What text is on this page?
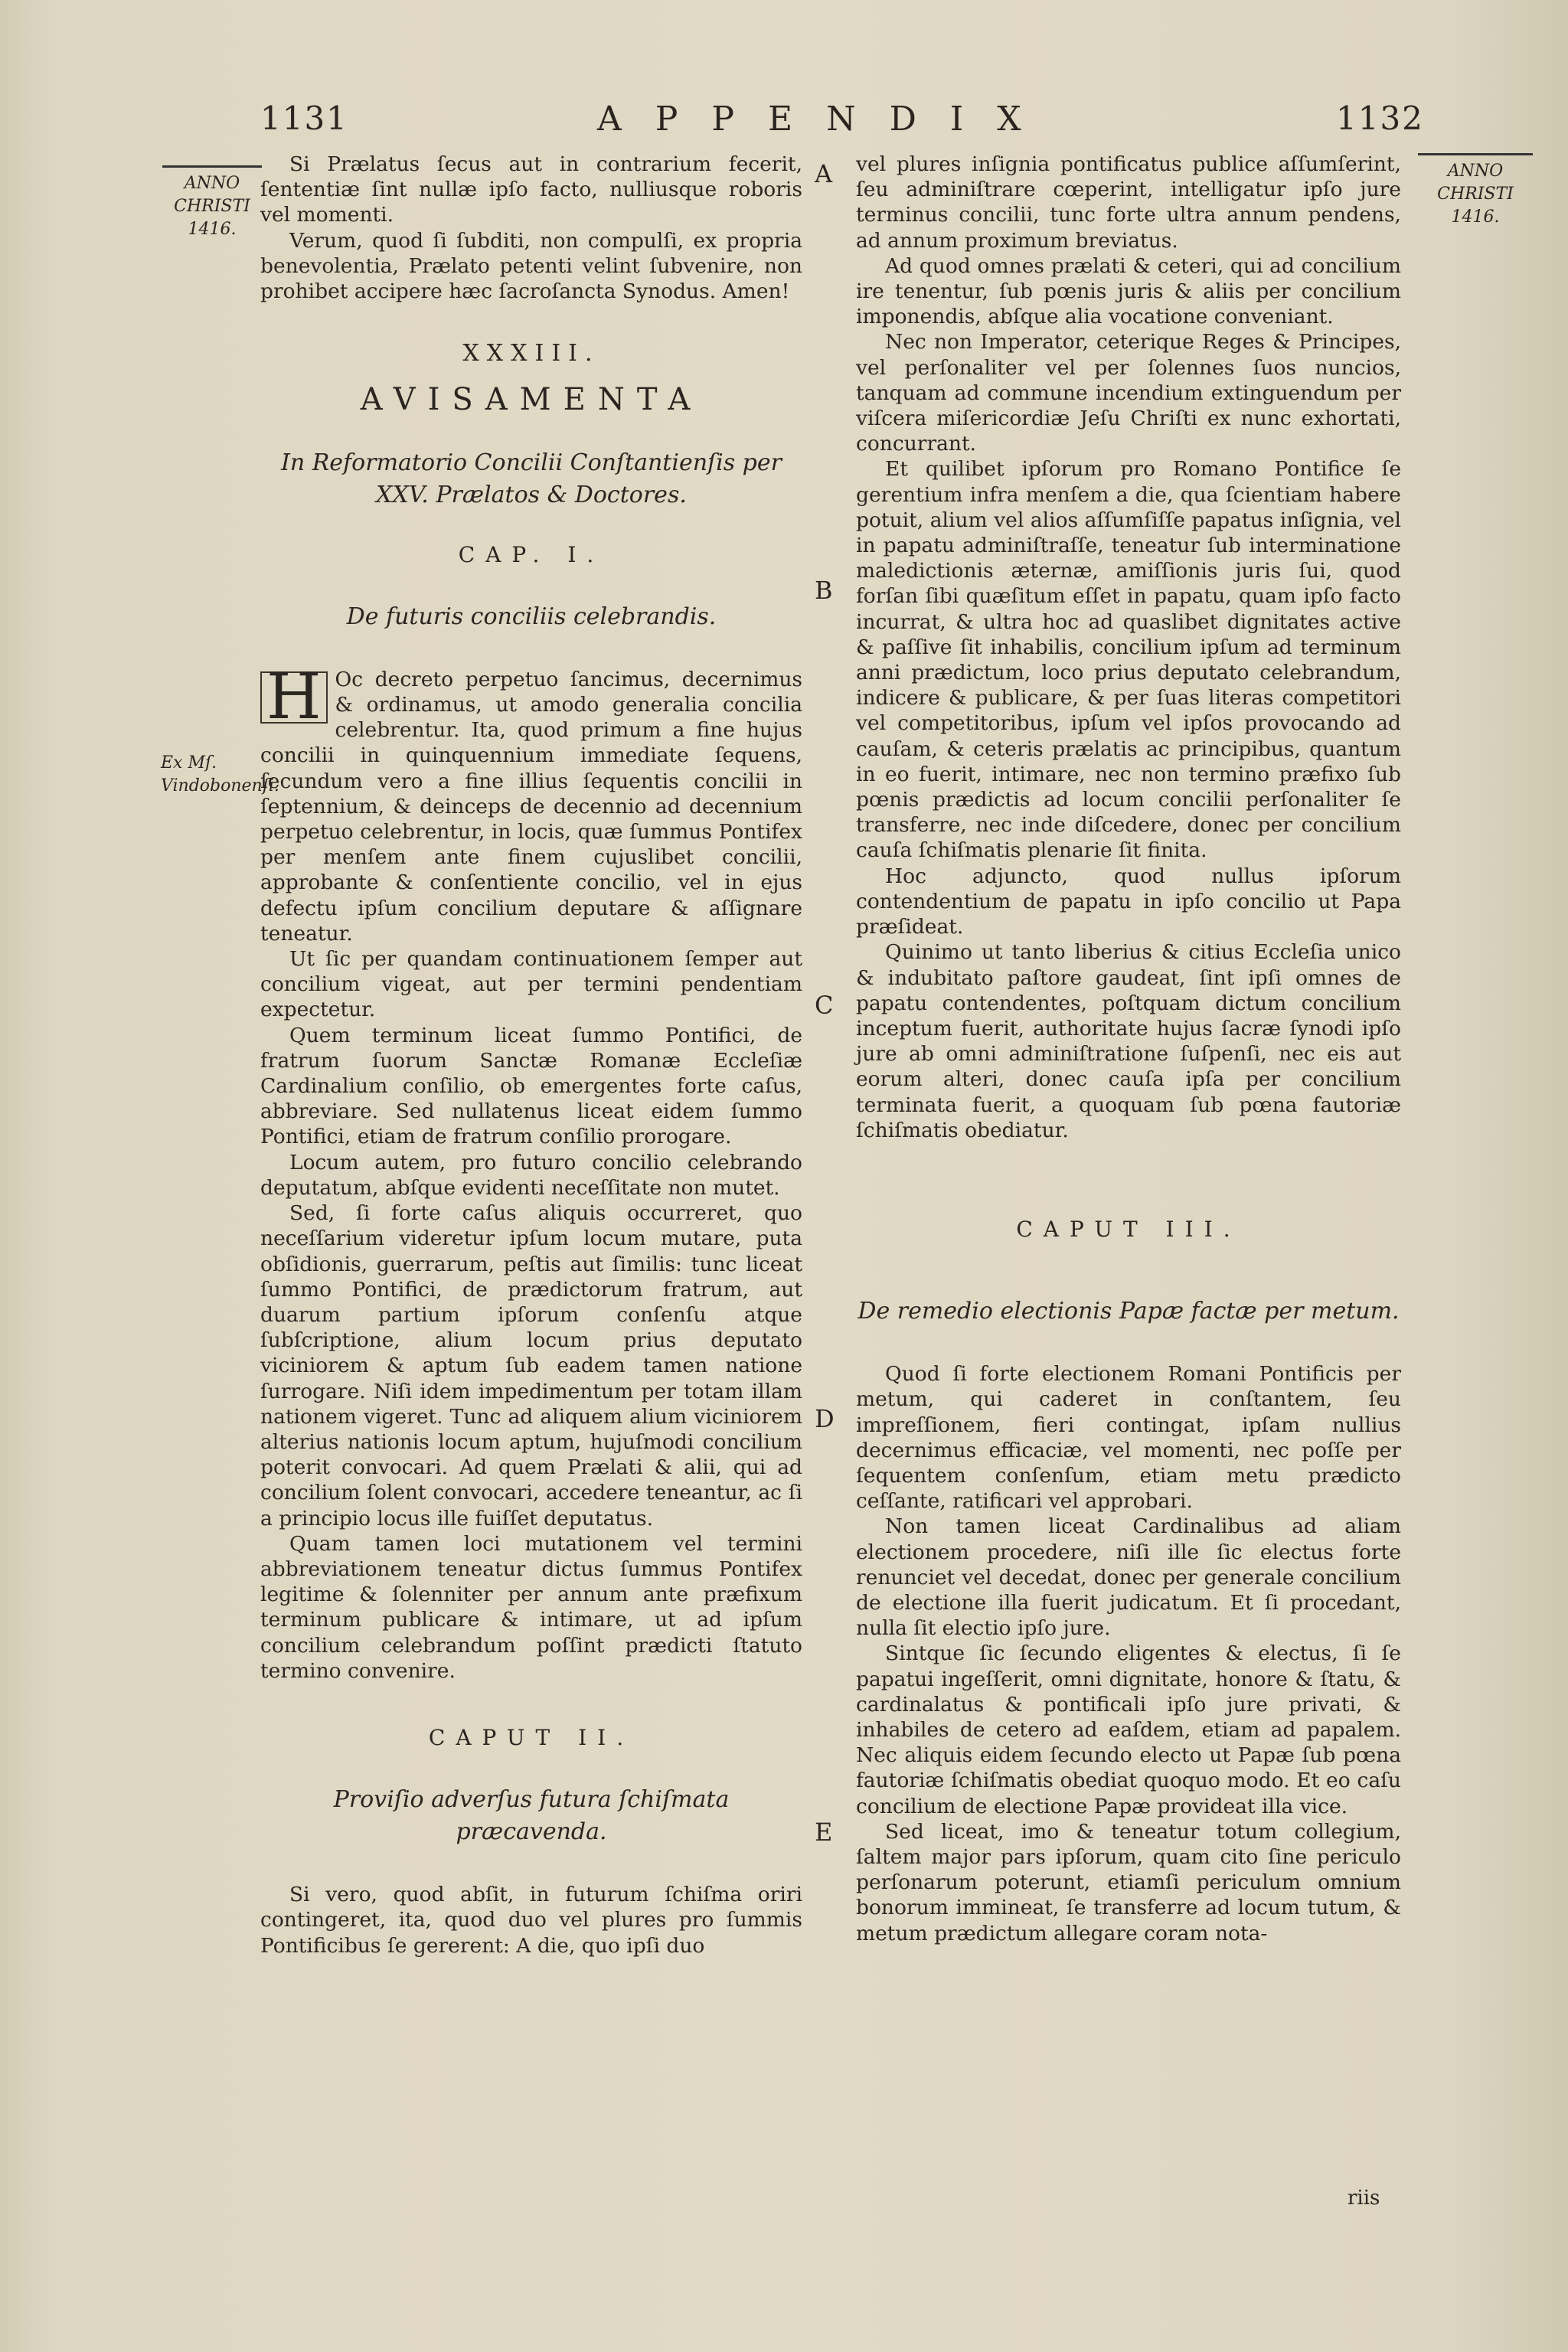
1131	APPENDIX	1132
ANNO CHRISTI 1416.
ANNO CHRISTI 1416.
Ex Mſ. Vindobonenſi.
A
B
C
D
E

Si Prælatus ſecus aut in contrarium fecerit, ſententiæ ſint nullæ ipſo facto, nulliusque roboris vel momenti.

Verum, quod ſi ſubditi, non compulſi, ex propria benevolentia, Prælato petenti velint ſubvenire, non prohibet accipere hæc ſacroſancta Synodus. Amen!

XXXIII.
AVISAMENTA
In Reformatorio Concilii Conſtantienſis per XXV. Prælatos & Doctores.
CAP. I.
De futuris conciliis celebrandis.

H Oc decreto perpetuo ſancimus, decernimus & ordinamus, ut amodo generalia concilia celebrentur. Ita, quod primum a fine hujus concilii in quinquennium immediate ſequens, ſecundum vero a fine illius ſequentis concilii in ſeptennium, & deinceps de decennio ad decennium perpetuo celebrentur, in locis, quæ ſummus Pontifex per menſem ante finem cujuslibet concilii, approbante & conſentiente concilio, vel in ejus defectu ipſum concilium deputare & aſſignare teneatur.

Ut ſic per quandam continuationem ſemper aut concilium vigeat, aut per termini pendentiam expectetur.

Quem terminum liceat ſummo Pontifici, de fratrum ſuorum Sanctæ Romanæ Eccleſiæ Cardinalium conſilio, ob emergentes forte caſus, abbreviare. Sed nullatenus liceat eidem ſummo Pontifici, etiam de fratrum conſilio prorogare.

Locum autem, pro futuro concilio celebrando deputatum, abſque evidenti neceſſitate non mutet.

Sed, ſi forte caſus aliquis occurreret, quo neceſſarium videretur ipſum locum mutare, puta obſidionis, guerrarum, peſtis aut ſimilis: tunc liceat ſummo Pontifici, de prædictorum fratrum, aut duarum partium ipſorum conſenſu atque ſubſcriptione, alium locum prius deputato viciniorem & aptum ſub eadem tamen natione ſurrogare. Niſi idem impedimentum per totam illam nationem vigeret. Tunc ad aliquem alium viciniorem alterius nationis locum aptum, hujuſmodi concilium poterit convocari. Ad quem Prælati & alii, qui ad concilium ſolent convocari, accedere teneantur, ac ſi a principio locus ille fuiſſet deputatus.

Quam tamen loci mutationem vel termini abbreviationem teneatur dictus ſummus Pontifex legitime & ſolenniter per annum ante præfixum terminum publicare & intimare, ut ad ipſum concilium celebrandum poſſint prædicti ſtatuto termino convenire.

CAPUT II.
Proviſio adverſus futura ſchiſmata præcavenda.

Si vero, quod abſit, in futurum ſchiſma oriri contingeret, ita, quod duo vel plures pro ſummis Pontificibus ſe gererent: A die, quo ipſi duo

vel plures inſignia pontificatus publice aſſumſerint, ſeu adminiſtrare cœperint, intelligatur ipſo jure terminus concilii, tunc forte ultra annum pendens, ad annum proximum breviatus.

Ad quod omnes prælati & ceteri, qui ad concilium ire tenentur, ſub pœnis juris & aliis per concilium imponendis, abſque alia vocatione conveniant.

Nec non Imperator, ceterique Reges & Principes, vel perſonaliter vel per ſolennes ſuos nuncios, tanquam ad commune incendium extinguendum per viſcera miſericordiæ Jeſu Chriſti ex nunc exhortati, concurrant.

Et quilibet ipſorum pro Romano Pontifice ſe gerentium infra menſem a die, qua ſcientiam habere potuit, alium vel alios aſſumſiſſe papatus inſignia, vel in papatu adminiſtraſſe, teneatur ſub interminatione maledictionis æternæ, amiſſionis juris ſui, quod forſan ſibi quæſitum eſſet in papatu, quam ipſo facto incurrat, & ultra hoc ad quaslibet dignitates active & paſſive ſit inhabilis, concilium ipſum ad terminum anni prædictum, loco prius deputato celebrandum, indicere & publicare, & per ſuas literas competitori vel competitoribus, ipſum vel ipſos provocando ad cauſam, & ceteris prælatis ac principibus, quantum in eo fuerit, intimare, nec non termino præfixo ſub pœnis prædictis ad locum concilii perſonaliter ſe transferre, nec inde diſcedere, donec per concilium cauſa ſchiſmatis plenarie ſit finita.

Hoc adjuncto, quod nullus ipſorum contendentium de papatu in ipſo concilio ut Papa præſideat.

Quinimo ut tanto liberius & citius Eccleſia unico & indubitato paſtore gaudeat, ſint ipſi omnes de papatu contendentes, poſtquam dictum concilium inceptum fuerit, authoritate hujus ſacræ ſynodi ipſo jure ab omni adminiſtratione ſuſpenſi, nec eis aut eorum alteri, donec cauſa ipſa per concilium terminata fuerit, a quoquam ſub pœna fautoriæ ſchiſmatis obediatur.

CAPUT III.
De remedio electionis Papæ factæ per metum.

Quod ſi forte electionem Romani Pontificis per metum, qui caderet in conſtantem, ſeu impreſſionem, fieri contingat, ipſam nullius decernimus efficaciæ, vel momenti, nec poſſe per ſequentem conſenſum, etiam metu prædicto ceſſante, ratificari vel approbari.

Non tamen liceat Cardinalibus ad aliam electionem procedere, niſi ille ſic electus forte renunciet vel decedat, donec per generale concilium de electione illa fuerit judicatum. Et ſi procedant, nulla ſit electio ipſo jure.

Sintque ſic ſecundo eligentes & electus, ſi ſe papatui ingeſſerit, omni dignitate, honore & ſtatu, & cardinalatus & pontificali ipſo jure privati, & inhabiles de cetero ad eaſdem, etiam ad papalem. Nec aliquis eidem ſecundo electo ut Papæ ſub pœna fautoriæ ſchiſmatis obediat quoquo modo. Et eo caſu concilium de electione Papæ provideat illa vice.

Sed liceat, imo & teneatur totum collegium, ſaltem major pars ipſorum, quam cito ſine periculo perſonarum poterunt, etiamſi periculum omnium bonorum immineat, ſe transferre ad locum tutum, & metum prædictum allegare coram nota-

riis
